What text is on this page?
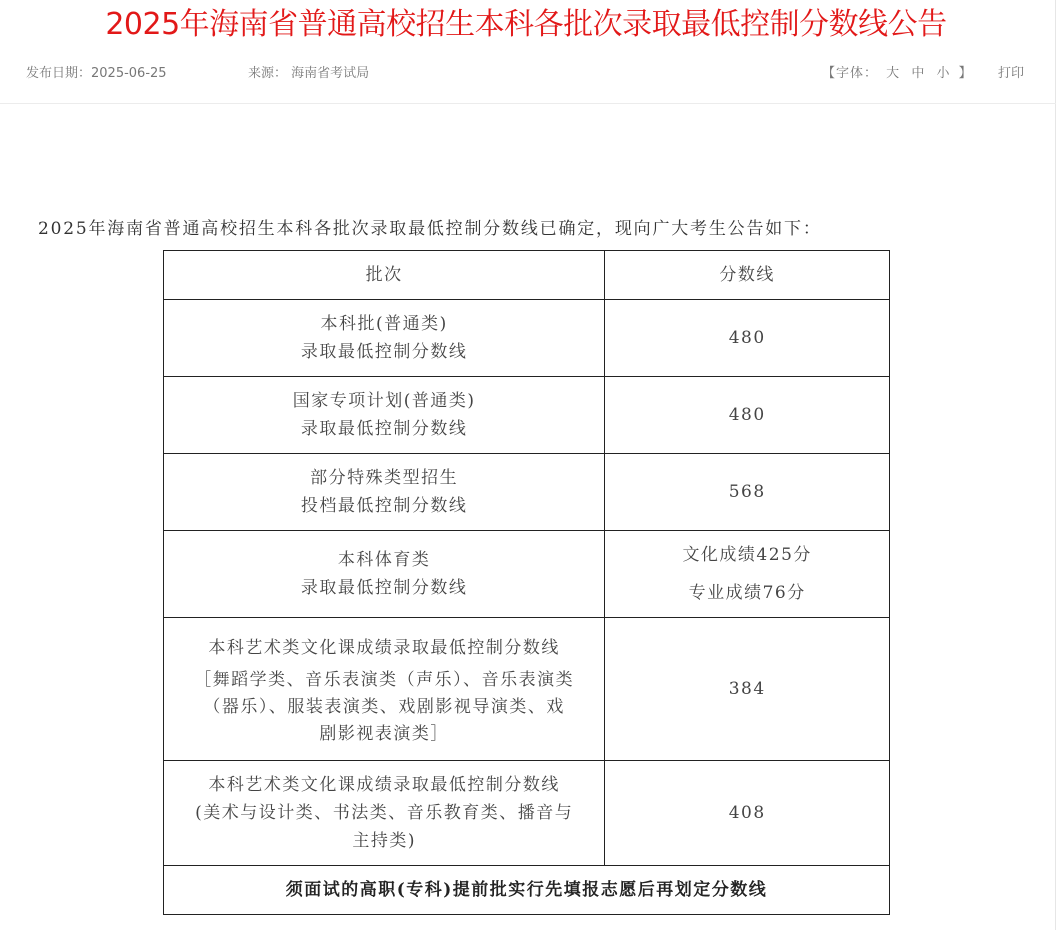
2025年海南省普通高校招生本科各批次录取最低控制分数线公告
发布日期：2025-06-25	来源： 海南省考试局	【字体： 大 中 小 】 打印
2025年海南省普通高校招生本科各批次录取最低控制分数线已确定，现向广大考生公告如下：
批次	分数线

本科批(普通类)
录取最低控制分数线	480

国家专项计划(普通类)
录取最低控制分数线	480

部分特殊类型招生
投档最低控制分数线	568

本科体育类
录取最低控制分数线	文化成绩425分
专业成绩76分

本科艺术类文化课成绩录取最低控制分数线
［舞蹈学类、音乐表演类（声乐）、音乐表演类
（器乐）、服装表演类、戏剧影视导演类、戏
剧影视表演类］	384

本科艺术类文化课成绩录取最低控制分数线
(美术与设计类、书法类、音乐教育类、播音与
主持类)	408

须面试的高职(专科)提前批实行先填报志愿后再划定分数线	
